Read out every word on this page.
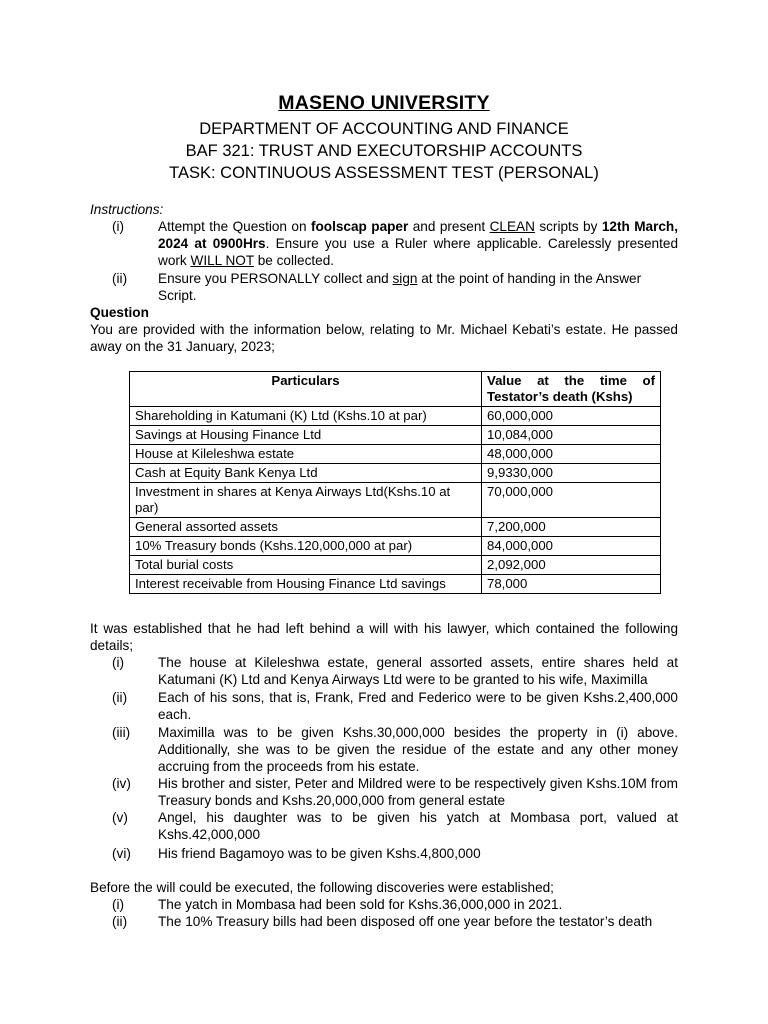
MASENO UNIVERSITY
DEPARTMENT OF ACCOUNTING AND FINANCE
BAF 321: TRUST AND EXECUTORSHIP ACCOUNTS
TASK: CONTINUOUS ASSESSMENT TEST (PERSONAL)
Instructions:
(i) Attempt the Question on foolscap paper and present CLEAN scripts by 12th March, 2024 at 0900Hrs. Ensure you use a Ruler where applicable. Carelessly presented work WILL NOT be collected.
(ii) Ensure you PERSONALLY collect and sign at the point of handing in the Answer Script.
Question
You are provided with the information below, relating to Mr. Michael Kebati’s estate. He passed away on the 31 January, 2023;
Particulars	Value at the time of Testator’s death (Kshs)
Shareholding in Katumani (K) Ltd (Kshs.10 at par)	60,000,000
Savings at Housing Finance Ltd	10,084,000
House at Kileleshwa estate	48,000,000
Cash at Equity Bank Kenya Ltd	9,9330,000
Investment in shares at Kenya Airways Ltd(Kshs.10 at par)	70,000,000
General assorted assets	7,200,000
10% Treasury bonds (Kshs.120,000,000 at par)	84,000,000
Total burial costs	2,092,000
Interest receivable from Housing Finance Ltd savings	78,000
It was established that he had left behind a will with his lawyer, which contained the following details;
(i) The house at Kileleshwa estate, general assorted assets, entire shares held at Katumani (K) Ltd and Kenya Airways Ltd were to be granted to his wife, Maximilla
(ii) Each of his sons, that is, Frank, Fred and Federico were to be given Kshs.2,400,000 each.
(iii) Maximilla was to be given Kshs.30,000,000 besides the property in (i) above. Additionally, she was to be given the residue of the estate and any other money accruing from the proceeds from his estate.
(iv) His brother and sister, Peter and Mildred were to be respectively given Kshs.10M from Treasury bonds and Kshs.20,000,000 from general estate
(v) Angel, his daughter was to be given his yatch at Mombasa port, valued at Kshs.42,000,000
(vi) His friend Bagamoyo was to be given Kshs.4,800,000
Before the will could be executed, the following discoveries were established;
(i) The yatch in Mombasa had been sold for Kshs.36,000,000 in 2021.
(ii) The 10% Treasury bills had been disposed off one year before the testator’s death
